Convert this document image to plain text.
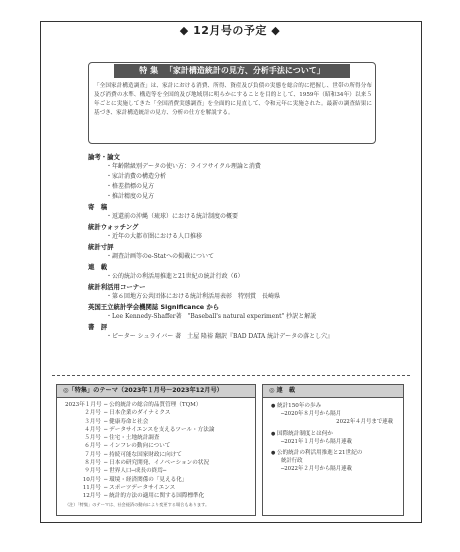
◆ 12月号の予定 ◆
特 集 「家計構造統計の見方、分析手法について」
「全国家計構造調査」は、家計における消費、所得、資産及び負債の実態を総合的に把握し、世帯の所得分布及び消費の水準、構造等を全国的及び地域別に明らかにすることを目的として、1959年（昭和34年）以来５年ごとに実施してきた「全国消費実態調査」を全面的に見直して、令和元年に実施された。最新の調査結果に基づき、家計構造統計の見方、分析の仕方を解説する。
論考・論文
・年齢階級別データの使い方：ライフサイクル理論と消費
・家計消費の構造分析
・格差指標の見方
・推計精度の見方
寄　稿
・返還前の沖縄（琉球）における統計制度の概要
統計ウォッチング
・近年の大都市圏における人口推移
統計寸評
・調査計画等のe-Statへの掲載について
連　載
・公的統計の利活用推進と21世紀の統計行政（6）
統計利活用コーナー
・第６回地方公共団体における統計利活用表彰　特別賞　長崎県
英国王立統計学会機関誌 Significance から
・Lee Kennedy-Shaffer著　"Baseball's natural experiment" 抄訳と解説
書　評
・ピーター シュライバー 著　土屋 隆裕 翻訳『BAD DATA 統計データの落とし穴』
◎「特集」のテーマ（2023年１月号～2023年12月号）
2023年１月号 ─ 公的統計の総合的品質管理（TQM）
２月号 ─ 日本企業のダイナミクス
３月号 ─ 健康寿命と社会
４月号 ─ データサイエンスを支えるツール・方法論
５月号 ─ 住宅・土地統計調査
６月号 ─ インフレの動向について
７月号 ─ 持続可能な国家財政に向けて
８月号 ─ 日本の研究開発、イノベーションの状況
９月号 ─ 世界人口─成長の終焉─
10月号 ─ 環境・経済関係の「見える化」
11月号 ─ スポーツデータサイエンス
12月号 ─ 統計的方法の適用に関する国際標準化
（注）「特集」のテーマは、社会経済の動向により変更する場合もあります。
◎ 連　載
● 統計150年の歩み
─2020年８月号から隔月
2022年４月号まで連載
● 国際統計制度とは何か
─2021年１月号から隔月連載
● 公的統計の利活用推進と21世紀の
統計行政
─2022年２月号から隔月連載
